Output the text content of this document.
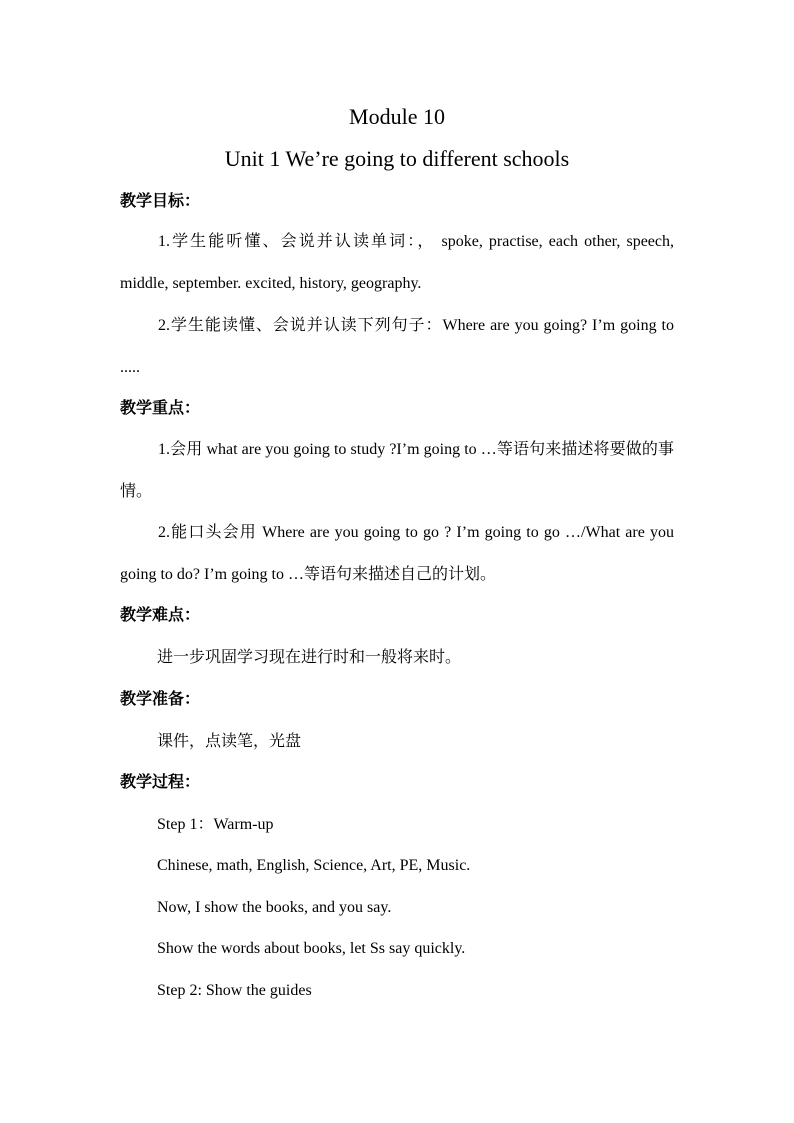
Module 10
Unit 1 We’re going to different schools
教学目标：
1.学生能听懂、会说并认读单词：， spoke, practise, each other, speech, middle, september. excited, history, geography.
2.学生能读懂、会说并认读下列句子：Where are you going? I’m going to .....
教学重点：
1.会用 what are you going to study ?I’m going to …等语句来描述将要做的事情。
2.能口头会用 Where are you going to go ? I’m going to go …/What are you going to do? I’m going to …等语句来描述自己的计划。
教学难点：
进一步巩固学习现在进行时和一般将来时。
教学准备：
课件，点读笔，光盘
教学过程：
Step 1：Warm-up
Chinese, math, English, Science, Art, PE, Music.
Now, I show the books, and you say.
Show the words about books, let Ss say quickly.
Step 2: Show the guides
